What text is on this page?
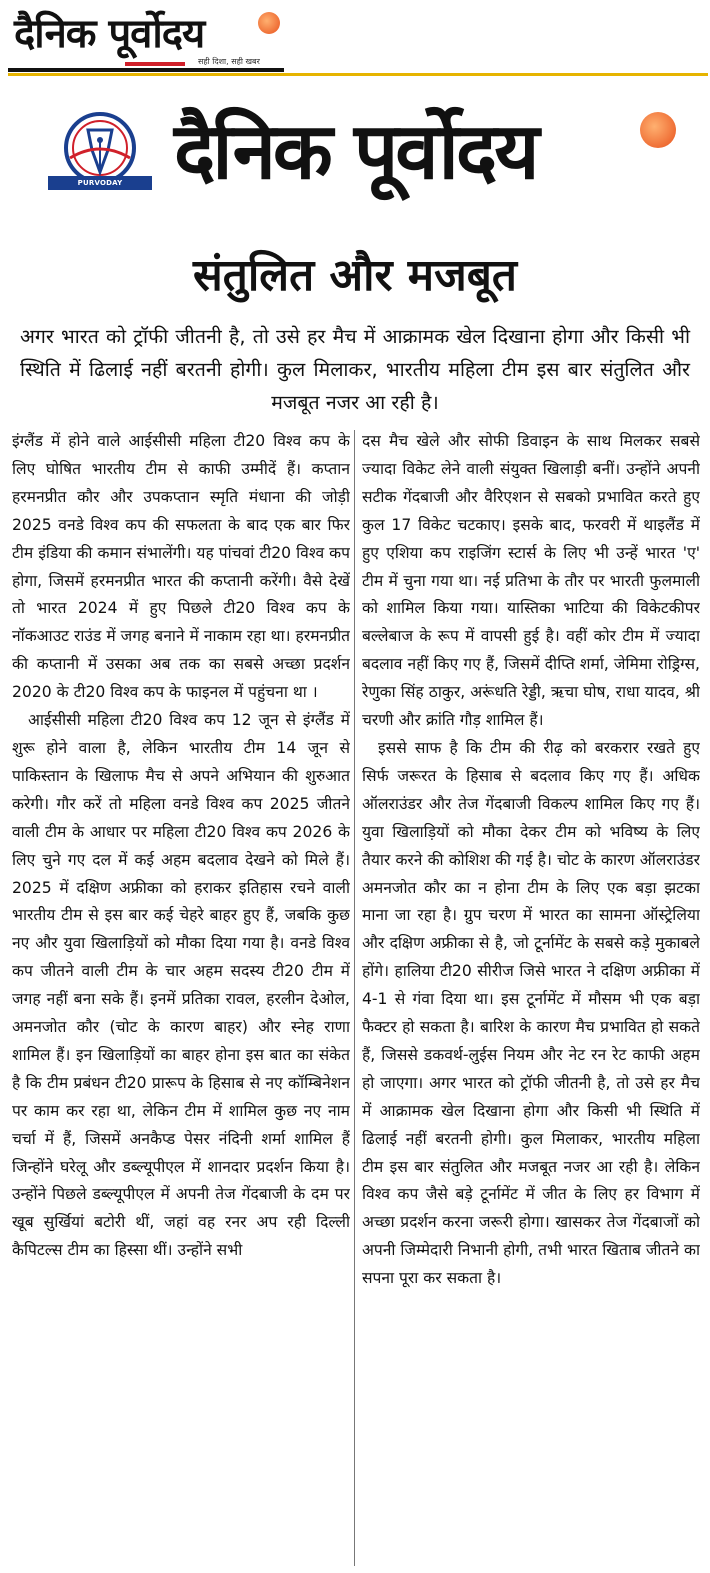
दैनिक पूर्वोदय
सही दिशा, सही खबर
PURVODAY PUBLICATIONS दैनिक पूर्वोदय
संतुलित और मजबूत
अगर भारत को ट्रॉफी जीतनी है, तो उसे हर मैच में आक्रामक खेल दिखाना होगा और किसी भी स्थिति में ढिलाई नहीं बरतनी होगी। कुल मिलाकर, भारतीय महिला टीम इस बार संतुलित और मजबूत नजर आ रही है।

इंग्लैंड में होने वाले आईसीसी महिला टी20 विश्व कप के लिए घोषित भारतीय टीम से काफी उम्मीदें हैं। कप्तान हरमनप्रीत कौर और उपकप्तान स्मृति मंधाना की जोड़ी 2025 वनडे विश्व कप की सफलता के बाद एक बार फिर टीम इंडिया की कमान संभालेंगी। यह पांचवां टी20 विश्व कप होगा, जिसमें हरमनप्रीत भारत की कप्तानी करेंगी। वैसे देखें तो भारत 2024 में हुए पिछले टी20 विश्व कप के नॉकआउट राउंड में जगह बनाने में नाकाम रहा था। हरमनप्रीत की कप्तानी में उसका अब तक का सबसे अच्छा प्रदर्शन 2020 के टी20 विश्व कप के फाइनल में पहुंचना था ।

आईसीसी महिला टी20 विश्व कप 12 जून से इंग्लैंड में शुरू होने वाला है, लेकिन भारतीय टीम 14 जून से पाकिस्तान के खिलाफ मैच से अपने अभियान की शुरुआत करेगी। गौर करें तो महिला वनडे विश्व कप 2025 जीतने वाली टीम के आधार पर महिला टी20 विश्व कप 2026 के लिए चुने गए दल में कई अहम बदलाव देखने को मिले हैं। 2025 में दक्षिण अफ्रीका को हराकर इतिहास रचने वाली भारतीय टीम से इस बार कई चेहरे बाहर हुए हैं, जबकि कुछ नए और युवा खिलाड़ियों को मौका दिया गया है। वनडे विश्व कप जीतने वाली टीम के चार अहम सदस्य टी20 टीम में जगह नहीं बना सके हैं। इनमें प्रतिका रावल, हरलीन देओल, अमनजोत कौर (चोट के कारण बाहर) और स्नेह राणा शामिल हैं। इन खिलाड़ियों का बाहर होना इस बात का संकेत है कि टीम प्रबंधन टी20 प्रारूप के हिसाब से नए कॉम्बिनेशन पर काम कर रहा था, लेकिन टीम में शामिल कुछ नए नाम चर्चा में हैं, जिसमें अनकैप्ड पेसर नंदिनी शर्मा शामिल हैं जिन्होंने घरेलू और डब्ल्यूपीएल में शानदार प्रदर्शन किया है। उन्होंने पिछले डब्ल्यूपीएल में अपनी तेज गेंदबाजी के दम पर खूब सुर्खियां बटोरी थीं, जहां वह रनर अप रही दिल्ली कैपिटल्स टीम का हिस्सा थीं। उन्होंने सभी

दस मैच खेले और सोफी डिवाइन के साथ मिलकर सबसे ज्यादा विकेट लेने वाली संयुक्त खिलाड़ी बनीं। उन्होंने अपनी सटीक गेंदबाजी और वैरिएशन से सबको प्रभावित करते हुए कुल 17 विकेट चटकाए। इसके बाद, फरवरी में थाइलैंड में हुए एशिया कप राइजिंग स्टार्स के लिए भी उन्हें भारत 'ए' टीम में चुना गया था। नई प्रतिभा के तौर पर भारती फुलमाली को शामिल किया गया। यास्तिका भाटिया की विकेटकीपर बल्लेबाज के रूप में वापसी हुई है। वहीं कोर टीम में ज्यादा बदलाव नहीं किए गए हैं, जिसमें दीप्ति शर्मा, जेमिमा रोड्रिग्स, रेणुका सिंह ठाकुर, अरूंधति रेड्डी, ऋचा घोष, राधा यादव, श्री चरणी और क्रांति गौड़ शामिल हैं।

इससे साफ है कि टीम की रीढ़ को बरकरार रखते हुए सिर्फ जरूरत के हिसाब से बदलाव किए गए हैं। अधिक ऑलराउंडर और तेज गेंदबाजी विकल्प शामिल किए गए हैं। युवा खिलाड़ियों को मौका देकर टीम को भविष्य के लिए तैयार करने की कोशिश की गई है। चोट के कारण ऑलराउंडर अमनजोत कौर का न होना टीम के लिए एक बड़ा झटका माना जा रहा है। ग्रुप चरण में भारत का सामना ऑस्ट्रेलिया और दक्षिण अफ्रीका से है, जो टूर्नामेंट के सबसे कड़े मुकाबले होंगे। हालिया टी20 सीरीज जिसे भारत ने दक्षिण अफ्रीका में 4-1 से गंवा दिया था। इस टूर्नामेंट में मौसम भी एक बड़ा फैक्टर हो सकता है। बारिश के कारण मैच प्रभावित हो सकते हैं, जिससे डकवर्थ-लुईस नियम और नेट रन रेट काफी अहम हो जाएगा। अगर भारत को ट्रॉफी जीतनी है, तो उसे हर मैच में आक्रामक खेल दिखाना होगा और किसी भी स्थिति में ढिलाई नहीं बरतनी होगी। कुल मिलाकर, भारतीय महिला टीम इस बार संतुलित और मजबूत नजर आ रही है। लेकिन विश्व कप जैसे बड़े टूर्नामेंट में जीत के लिए हर विभाग में अच्छा प्रदर्शन करना जरूरी होगा। खासकर तेज गेंदबाजों को अपनी जिम्मेदारी निभानी होगी, तभी भारत खिताब जीतने का सपना पूरा कर सकता है।
